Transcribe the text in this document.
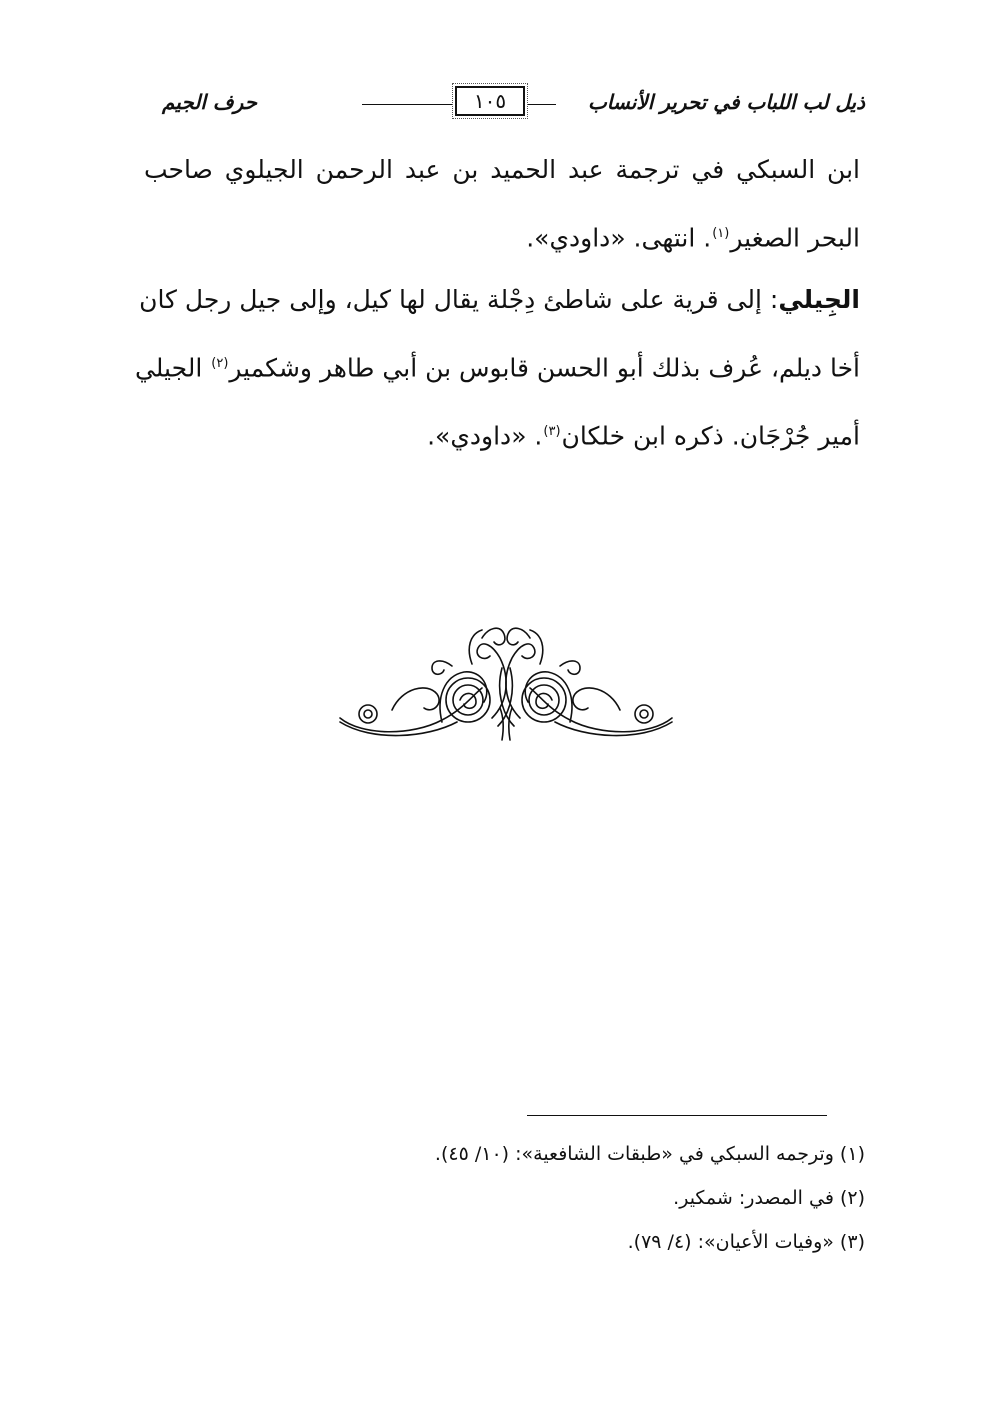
ذيل لب اللباب في تحرير الأنساب
١٠٥
حرف الجيم
ابن السبكي في ترجمة عبد الحميد بن عبد الرحمن الجيلوي صاحب
البحر الصغير$^{(١)}$. انتهى. «داودي».
الجِيلي: إلى قرية على شاطئ دِجْلة يقال لها كيل، وإلى جيل رجل كان
أخا ديلم، عُرف بذلك أبو الحسن قابوس بن أبي طاهر وشكمير$^{(٢)}$ الجيلي
أمير جُرْجَان. ذكره ابن خلكان$^{(٣)}$. «داودي».
(١) وترجمه السبكي في «طبقات الشافعية»: (١٠/ ٤٥).
(٢) في المصدر: شمكير.
(٣) «وفيات الأعيان»: (٤/ ٧٩).
